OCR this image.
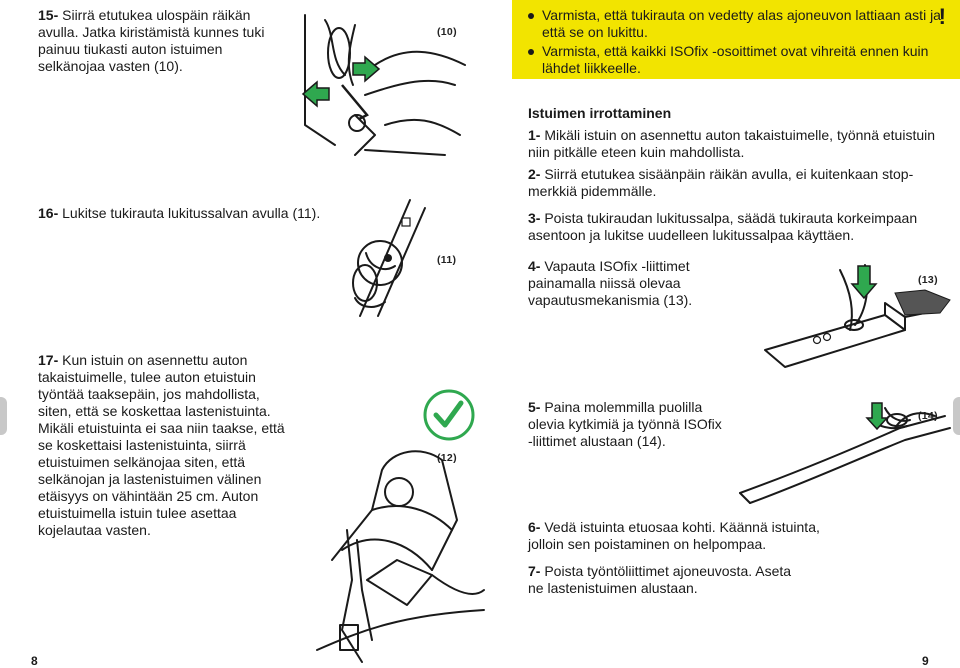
15- Siirrä etutukea ulospäin räikän avulla. Jatka kiristämistä kunnes tuki painuu tiukasti auton istuimen selkänojaa vasten (10).
16- Lukitse tukirauta lukitussalvan avulla (11).
17- Kun istuin on asennettu auton takaistuimelle, tulee auton etuistuin työntää taaksepäin, jos mahdollista, siten, että se koskettaa lastenistuinta. Mikäli etuistuinta ei saa niin taakse, että se koskettaisi lastenistuinta, siirrä etuistuimen selkänojaa siten, että selkänojan ja lastenistuimen välinen etäisyys on vähintään 25 cm. Auton etuistuimella istuin tulee asettaa kojelautaa vasten.
(10)
(11)
(12)
8
Varmista, että tukirauta on vedetty alas ajoneuvon lattiaan asti ja että se on lukittu.
Varmista, että kaikki ISOfix -osoittimet ovat vihreitä ennen kuin lähdet liikkeelle.
!
Istuimen irrottaminen
1- Mikäli istuin on asennettu auton takaistuimelle, työnnä etuistuin niin pitkälle eteen kuin mahdollista.
2- Siirrä etutukea sisäänpäin räikän avulla, ei kuitenkaan stop-merkkiä pidemmälle.
3- Poista tukiraudan lukitussalpa, säädä tukirauta korkeimpaan asentoon ja lukitse uudelleen lukitussalpaa käyttäen.
4- Vapauta ISOfix -liittimet painamalla niissä olevaa vapautusmekanismia (13).
5- Paina molemmilla puolilla olevia kytkimiä ja työnnä ISOfix -liittimet alustaan (14).
6- Vedä istuinta etuosaa kohti. Käännä istuinta, jolloin sen poistaminen on helpompaa.
7- Poista työntöliittimet ajoneuvosta. Aseta ne lastenistuimen alustaan.
(13)
(14)
9
